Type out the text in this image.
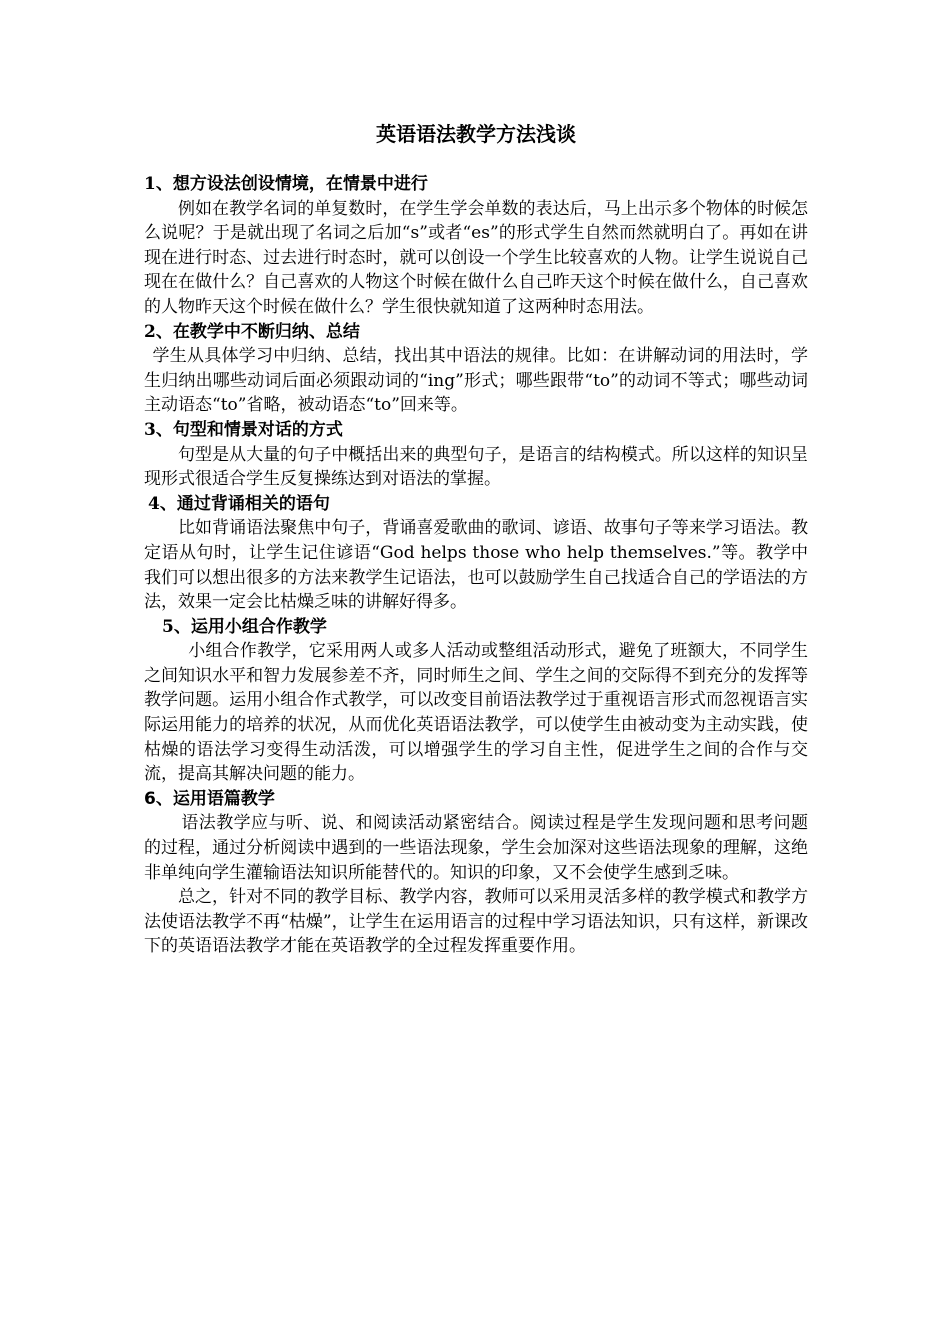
英语语法教学方法浅谈
1、想方设法创设情境，在情景中进行

例如在教学名词的单复数时，在学生学会单数的表达后，马上出示多个物体的时候怎么说呢？于是就出现了名词之后加“s”或者“es”的形式学生自然而然就明白了。再如在讲现在进行时态、过去进行时态时，就可以创设一个学生比较喜欢的人物。让学生说说自己现在在做什么？自己喜欢的人物这个时候在做什么自己昨天这个时候在做什么，自己喜欢的人物昨天这个时候在做什么？学生很快就知道了这两种时态用法。

2、在教学中不断归纳、总结

学生从具体学习中归纳、总结，找出其中语法的规律。比如：在讲解动词的用法时，学生归纳出哪些动词后面必须跟动词的“ing”形式；哪些跟带“to”的动词不等式；哪些动词主动语态“to”省略，被动语态“to”回来等。

3、句型和情景对话的方式

句型是从大量的句子中概括出来的典型句子，是语言的结构模式。所以这样的知识呈现形式很适合学生反复操练达到对语法的掌握。

4、通过背诵相关的语句

比如背诵语法聚焦中句子，背诵喜爱歌曲的歌词、谚语、故事句子等来学习语法。教定语从句时，让学生记住谚语“God helps those who help themselves.”等。教学中我们可以想出很多的方法来教学生记语法，也可以鼓励学生自己找适合自己的学语法的方法，效果一定会比枯燥乏味的讲解好得多。

5、运用小组合作教学

小组合作教学，它采用两人或多人活动或整组活动形式，避免了班额大，不同学生之间知识水平和智力发展参差不齐，同时师生之间、学生之间的交际得不到充分的发挥等教学问题。运用小组合作式教学，可以改变目前语法教学过于重视语言形式而忽视语言实际运用能力的培养的状况，从而优化英语语法教学，可以使学生由被动变为主动实践，使枯燥的语法学习变得生动活泼，可以增强学生的学习自主性，促进学生之间的合作与交流，提高其解决问题的能力。

6、运用语篇教学

语法教学应与听、说、和阅读活动紧密结合。阅读过程是学生发现问题和思考问题的过程，通过分析阅读中遇到的一些语法现象，学生会加深对这些语法现象的理解，这绝非单纯向学生灌输语法知识所能替代的。知识的印象，又不会使学生感到乏味。

总之，针对不同的教学目标、教学内容，教师可以采用灵活多样的教学模式和教学方法使语法教学不再“枯燥”，让学生在运用语言的过程中学习语法知识，只有这样，新课改下的英语语法教学才能在英语教学的全过程发挥重要作用。
